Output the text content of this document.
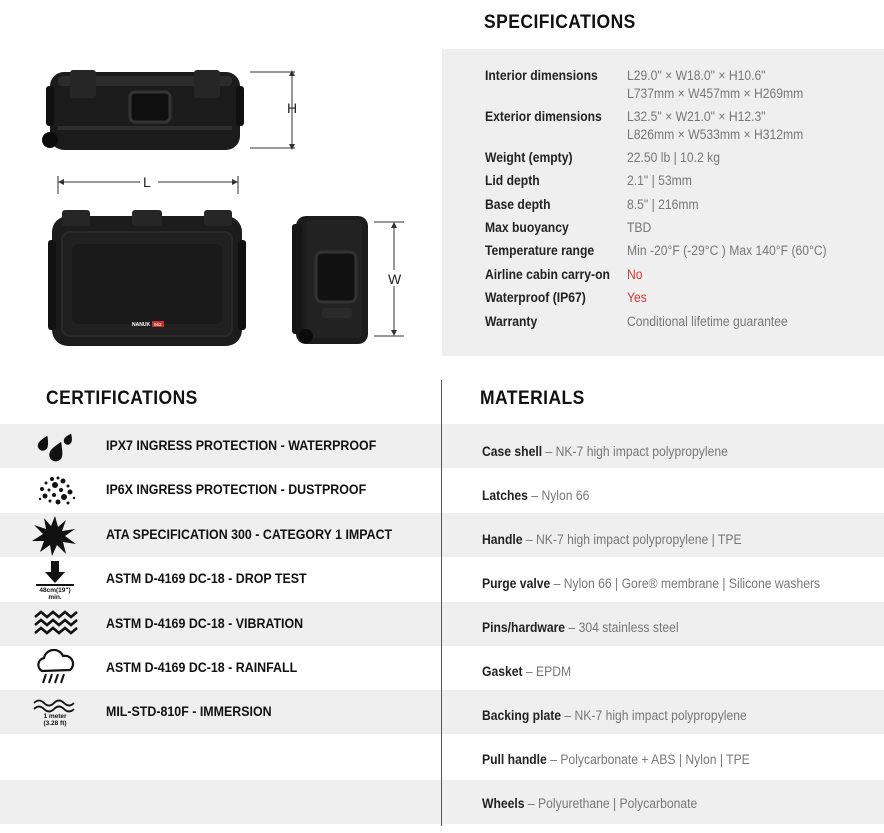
H
L
NANUK 962
W
SPECIFICATIONS
Interior dimensions L29.0" × W18.0" × H10.6"
L737mm × W457mm × H269mm
Exterior dimensions L32.5" × W21.0" × H12.3"
L826mm × W533mm × H312mm
Weight (empty)	22.50 lb | 10.2 kg
Lid depth	2.1" | 53mm
Base depth	8.5" | 216mm
Max buoyancy	TBD
Temperature range Min -20°F (-29°C ) Max 140°F (60°C)
Airline cabin carry-on No
Waterproof (IP67)	Yes
Warranty	Conditional lifetime guarantee
CERTIFICATIONS	MATERIALS
IPX7 INGRESS PROTECTION - WATERPROOF
IP6X INGRESS PROTECTION - DUSTPROOF
ATA SPECIFICATION 300 - CATEGORY 1 IMPACT
48cm(19")
min.
ASTM D-4169 DC-18 - DROP TEST
ASTM D-4169 DC-18 - VIBRATION
ASTM D-4169 DC-18 - RAINFALL
1 meter
(3.28 ft)
MIL-STD-810F - IMMERSION
Case shell – NK-7 high impact polypropylene
Latches – Nylon 66
Handle – NK-7 high impact polypropylene | TPE
Purge valve – Nylon 66 | Gore® membrane | Silicone washers
Pins/hardware – 304 stainless steel
Gasket – EPDM
Backing plate – NK-7 high impact polypropylene
Pull handle – Polycarbonate + ABS | Nylon | TPE
Wheels – Polyurethane | Polycarbonate
